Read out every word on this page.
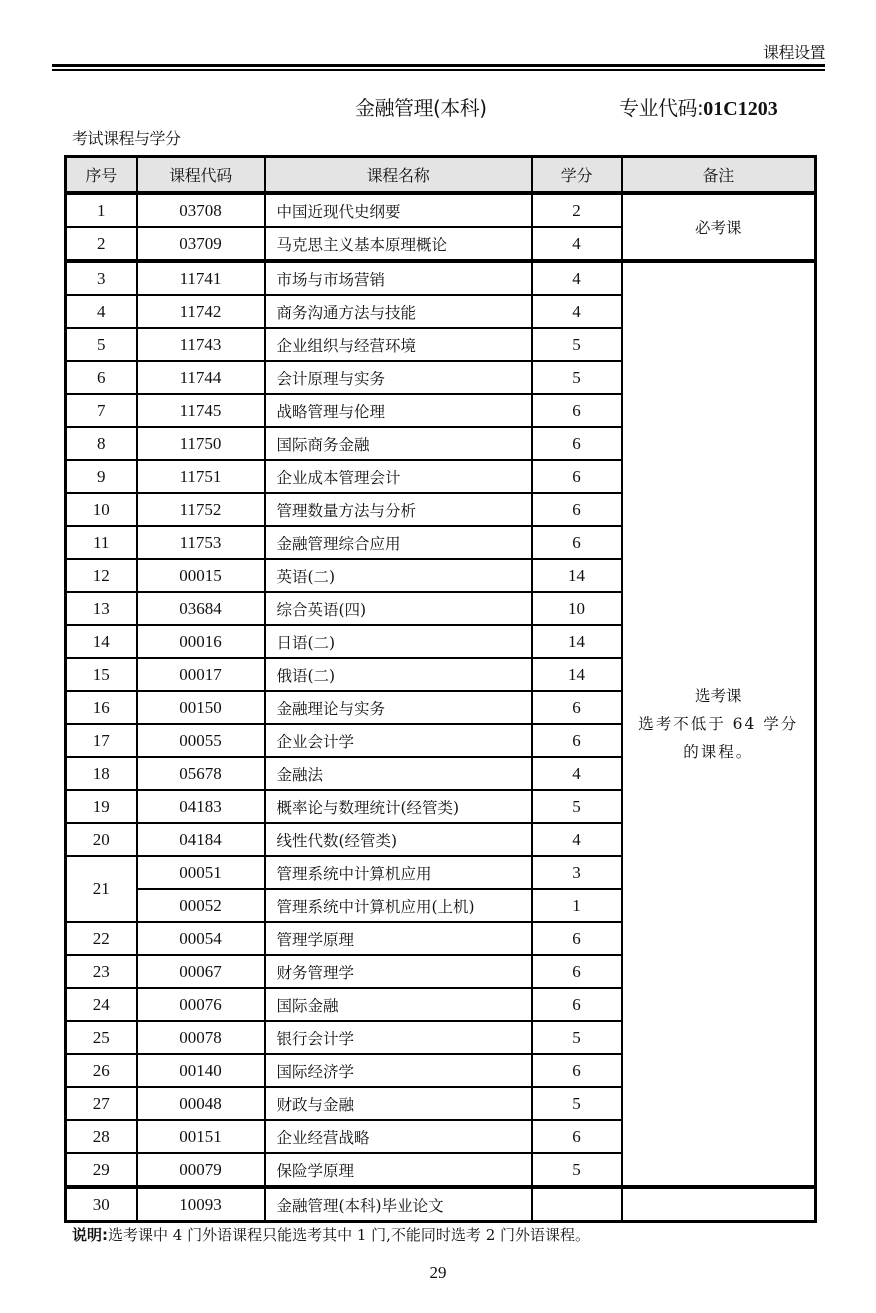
课程设置
金融管理(本科)	专业代码:01C1203
考试课程与学分
序号	课程代码	课程名称	学分	备注
1	03708	中国近现代史纲要	2	必考课
2	03709	马克思主义基本原理概论	4	
3	11741	市场与市场营销	4	选考课
选考不低于 64 学分的课程。

4	11742	商务沟通方法与技能	4	
5	11743	企业组织与经营环境	5	
6	11744	会计原理与实务	5	
7	11745	战略管理与伦理	6	
8	11750	国际商务金融	6	
9	11751	企业成本管理会计	6	
10	11752	管理数量方法与分析	6	
11	11753	金融管理综合应用	6	
12	00015	英语(二)	14	
13	03684	综合英语(四)	10	
14	00016	日语(二)	14	
15	00017	俄语(二)	14	
16	00150	金融理论与实务	6	
17	00055	企业会计学	6	
18	05678	金融法	4	
19	04183	概率论与数理统计(经管类)	5	
20	04184	线性代数(经管类)	4	
21	00051	管理系统中计算机应用	3	
	00052	管理系统中计算机应用(上机)	1	
22	00054	管理学原理	6	
23	00067	财务管理学	6	
24	00076	国际金融	6	
25	00078	银行会计学	5	
26	00140	国际经济学	6	
27	00048	财政与金融	5	
28	00151	企业经营战略	6	
29	00079	保险学原理	5	
30	10093	金融管理(本科)毕业论文		
说明:选考课中 4 门外语课程只能选考其中 1 门,不能同时选考 2 门外语课程。
29
